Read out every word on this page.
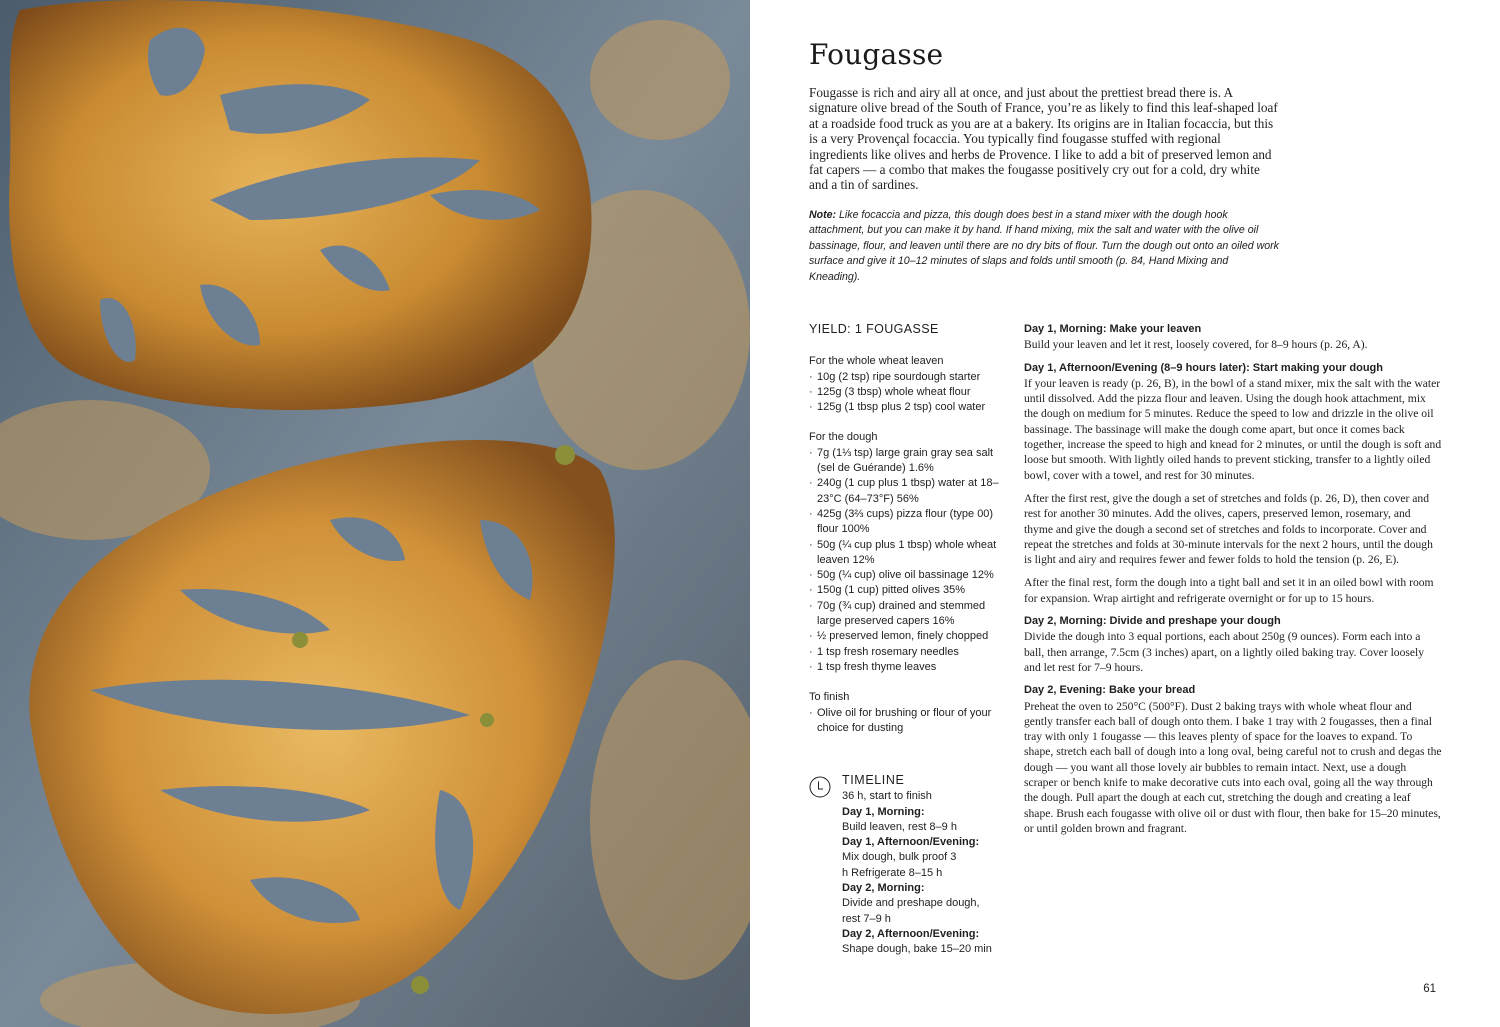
Fougasse

Fougasse is rich and airy all at once, and just about the prettiest bread there is. A signature olive bread of the South of France, you’re as likely to find this leaf-shaped loaf at a roadside food truck as you are at a bakery. Its origins are in Italian focaccia, but this is a very Provençal focaccia. You typically find fougasse stuffed with regional ingredients like olives and herbs de Provence. I like to add a bit of preserved lemon and fat capers — a combo that makes the fougasse positively cry out for a cold, dry white and a tin of sardines.

Note: Like focaccia and pizza, this dough does best in a stand mixer with the dough hook attachment, but you can make it by hand. If hand mixing, mix the salt and water with the olive oil bassinage, flour, and leaven until there are no dry bits of flour. Turn the dough out onto an oiled work surface and give it 10–12 minutes of slaps and folds until smooth (p. 84, Hand Mixing and Kneading).

YIELD: 1 FOUGASSE
For the whole wheat leaven
· 10g (2 tsp) ripe sourdough starter
· 125g (3 tbsp) whole wheat flour
· 125g (1 tbsp plus 2 tsp) cool water
For the dough
· 7g (1⅓ tsp) large grain gray sea salt (sel de Guérande) 1.6%
· 240g (1 cup plus 1 tbsp) water at 18–23°C (64–73°F) 56%
· 425g (3⅔ cups) pizza flour (type 00) flour 100%
· 50g (¼ cup plus 1 tbsp) whole wheat leaven 12%
· 50g (¼ cup) olive oil bassinage 12%
· 150g (1 cup) pitted olives 35%
· 70g (¾ cup) drained and stemmed large preserved capers 16%
· ½ preserved lemon, finely chopped
· 1 tsp fresh rosemary needles
· 1 tsp fresh thyme leaves
To finish
· Olive oil for brushing or flour of your choice for dusting
TIMELINE
36 h, start to finish
Day 1, Morning:
Build leaven, rest 8–9 h
Day 1, Afternoon/Evening:
Mix dough, bulk proof 3 h Refrigerate 8–15 h
Day 2, Morning:
Divide and preshape dough, rest 7–9 h
Day 2, Afternoon/Evening:
Shape dough, bake 15–20 min
Day 1, Morning: Make your leaven

Build your leaven and let it rest, loosely covered, for 8–9 hours (p. 26, A).

Day 1, Afternoon/Evening (8–9 hours later): Start making your dough

If your leaven is ready (p. 26, B), in the bowl of a stand mixer, mix the salt with the water until dissolved. Add the pizza flour and leaven. Using the dough hook attachment, mix the dough on medium for 5 minutes. Reduce the speed to low and drizzle in the olive oil bassinage. The bassinage will make the dough come apart, but once it comes back together, increase the speed to high and knead for 2 minutes, or until the dough is soft and loose but smooth. With lightly oiled hands to prevent sticking, transfer to a lightly oiled bowl, cover with a towel, and rest for 30 minutes.

After the first rest, give the dough a set of stretches and folds (p. 26, D), then cover and rest for another 30 minutes. Add the olives, capers, preserved lemon, rosemary, and thyme and give the dough a second set of stretches and folds to incorporate. Cover and repeat the stretches and folds at 30-minute intervals for the next 2 hours, until the dough is light and airy and requires fewer and fewer folds to hold the tension (p. 26, E).

After the final rest, form the dough into a tight ball and set it in an oiled bowl with room for expansion. Wrap airtight and refrigerate overnight or for up to 15 hours.

Day 2, Morning: Divide and preshape your dough

Divide the dough into 3 equal portions, each about 250g (9 ounces). Form each into a ball, then arrange, 7.5cm (3 inches) apart, on a lightly oiled baking tray. Cover loosely and let rest for 7–9 hours.

Day 2, Evening: Bake your bread

Preheat the oven to 250°C (500°F). Dust 2 baking trays with whole wheat flour and gently transfer each ball of dough onto them. I bake 1 tray with 2 fougasses, then a final tray with only 1 fougasse — this leaves plenty of space for the loaves to expand. To shape, stretch each ball of dough into a long oval, being careful not to crush and degas the dough — you want all those lovely air bubbles to remain intact. Next, use a dough scraper or bench knife to make decorative cuts into each oval, going all the way through the dough. Pull apart the dough at each cut, stretching the dough and creating a leaf shape. Brush each fougasse with olive oil or dust with flour, then bake for 15–20 minutes, or until golden brown and fragrant.

61
